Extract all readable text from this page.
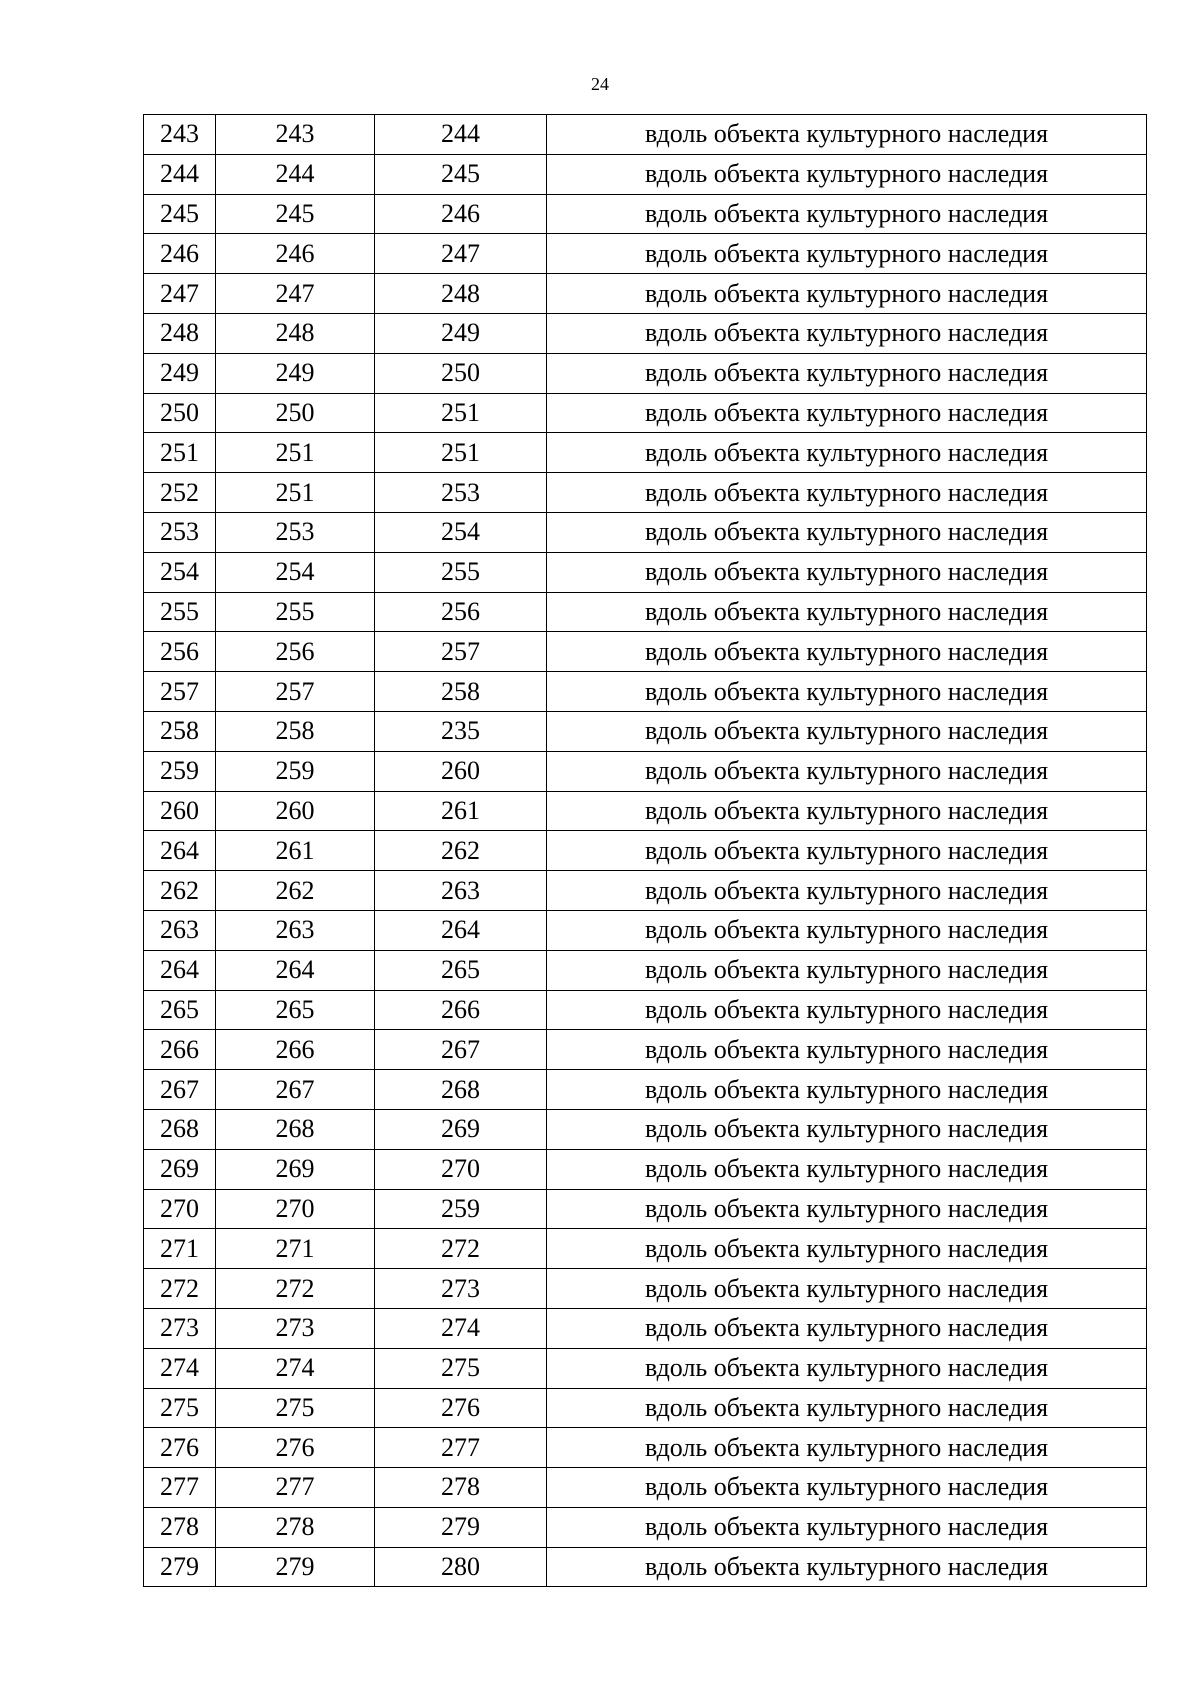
24
243	243	244	вдоль объекта культурного наследия
244	244	245	вдоль объекта культурного наследия
245	245	246	вдоль объекта культурного наследия
246	246	247	вдоль объекта культурного наследия
247	247	248	вдоль объекта культурного наследия
248	248	249	вдоль объекта культурного наследия
249	249	250	вдоль объекта культурного наследия
250	250	251	вдоль объекта культурного наследия
251	251	251	вдоль объекта культурного наследия
252	251	253	вдоль объекта культурного наследия
253	253	254	вдоль объекта культурного наследия
254	254	255	вдоль объекта культурного наследия
255	255	256	вдоль объекта культурного наследия
256	256	257	вдоль объекта культурного наследия
257	257	258	вдоль объекта культурного наследия
258	258	235	вдоль объекта культурного наследия
259	259	260	вдоль объекта культурного наследия
260	260	261	вдоль объекта культурного наследия
264	261	262	вдоль объекта культурного наследия
262	262	263	вдоль объекта культурного наследия
263	263	264	вдоль объекта культурного наследия
264	264	265	вдоль объекта культурного наследия
265	265	266	вдоль объекта культурного наследия
266	266	267	вдоль объекта культурного наследия
267	267	268	вдоль объекта культурного наследия
268	268	269	вдоль объекта культурного наследия
269	269	270	вдоль объекта культурного наследия
270	270	259	вдоль объекта культурного наследия
271	271	272	вдоль объекта культурного наследия
272	272	273	вдоль объекта культурного наследия
273	273	274	вдоль объекта культурного наследия
274	274	275	вдоль объекта культурного наследия
275	275	276	вдоль объекта культурного наследия
276	276	277	вдоль объекта культурного наследия
277	277	278	вдоль объекта культурного наследия
278	278	279	вдоль объекта культурного наследия
279	279	280	вдоль объекта культурного наследия
